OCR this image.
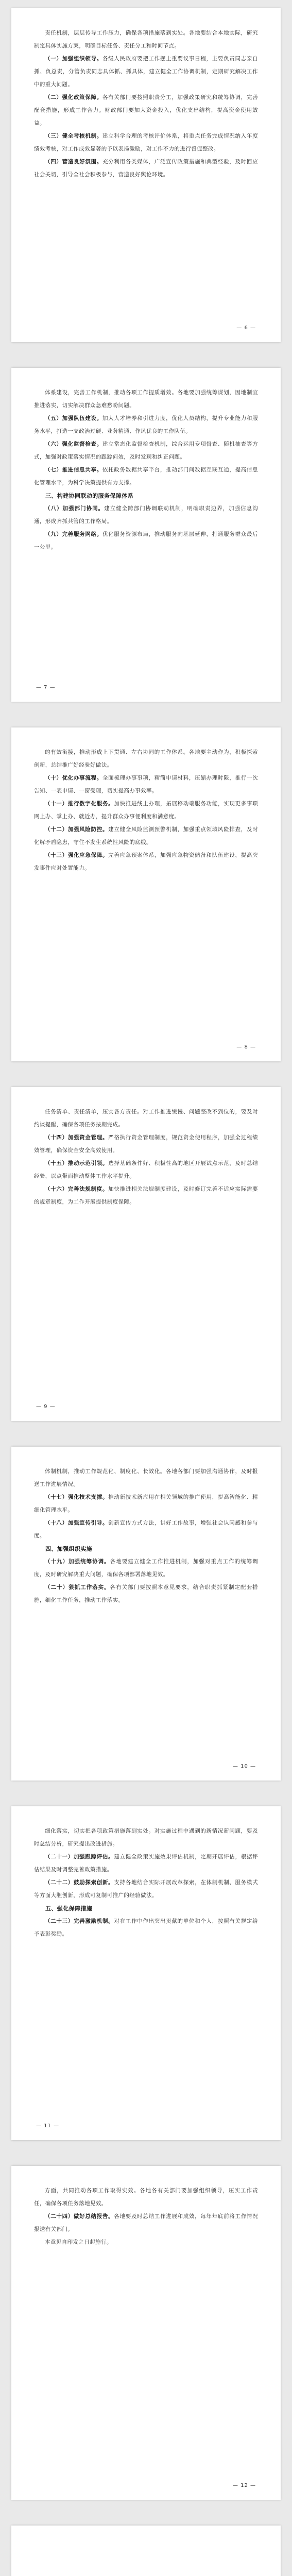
责任机制，层层传导工作压力，确保各项措施落到实处。各地要结合本地实际，研究制定具体实施方案，明确目标任务、责任分工和时间节点。

（一）加强组织领导。各级人民政府要把工作摆上重要议事日程，主要负责同志亲自抓、负总责，分管负责同志具体抓、抓具体，建立健全工作协调机制，定期研究解决工作中的重大问题。

（二）强化政策保障。各有关部门要按照职责分工，加强政策研究和统筹协调，完善配套措施，形成工作合力。财政部门要加大资金投入，优化支出结构，提高资金使用效益。

（三）健全考核机制。建立科学合理的考核评价体系，将重点任务完成情况纳入年度绩效考核，对工作成效显著的予以表扬激励，对工作不力的进行督促整改。

（四）营造良好氛围。充分利用各类媒体，广泛宣传政策措施和典型经验，及时回应社会关切，引导全社会积极参与，营造良好舆论环境。

— 6 —

体系建设，完善工作机制，推动各项工作提质增效。各地要加强统筹谋划，因地制宜推进落实，切实解决群众急难愁盼问题。

（五）加强队伍建设。加大人才培养和引进力度，优化人员结构，提升专业能力和服务水平，打造一支政治过硬、业务精通、作风优良的工作队伍。

（六）强化监督检查。建立常态化监督检查机制，综合运用专项督查、随机抽查等方式，加强对政策落实情况的跟踪问效，及时发现和纠正问题。

（七）推进信息共享。依托政务数据共享平台，推动部门间数据互联互通，提高信息化管理水平，为科学决策提供有力支撑。

三、构建协同联动的服务保障体系

（八）加强部门协同。建立健全跨部门协调联动机制，明确职责边界，加强信息沟通，形成齐抓共管的工作格局。

（九）完善服务网络。优化服务资源布局，推动服务向基层延伸，打通服务群众最后一公里。

— 7 —

的有效衔接，推动形成上下贯通、左右协同的工作体系。各地要主动作为，积极探索创新，总结推广好经验好做法。

（十）优化办事流程。全面梳理办事事项，精简申请材料，压缩办理时限，推行一次告知、一表申请、一窗受理，切实提高办事效率。

（十一）推行数字化服务。加快推进线上办理，拓展移动端服务功能，实现更多事项网上办、掌上办、就近办，提升群众办事便利度和满意度。

（十二）加强风险防控。建立健全风险监测预警机制，加强重点领域风险排查，及时化解矛盾隐患，守住不发生系统性风险的底线。

（十三）强化应急保障。完善应急预案体系，加强应急物资储备和队伍建设，提高突发事件应对处置能力。

— 8 —

任务清单、责任清单，压实各方责任。对工作推进缓慢、问题整改不到位的，要及时约谈提醒，确保各项任务按期完成。

（十四）加强资金管理。严格执行资金管理制度，规范资金使用程序，加强全过程绩效管理，确保资金安全高效使用。

（十五）推动示范引领。选择基础条件好、积极性高的地区开展试点示范，及时总结经验，以点带面推动整体工作水平提升。

（十六）完善法规制度。加快推进相关法规制度建设，及时修订完善不适应实际需要的规章制度，为工作开展提供制度保障。

— 9 —

体制机制，推动工作规范化、制度化、长效化。各地各部门要加强沟通协作，及时报送工作进展情况。

（十七）强化技术支撑。推动新技术新应用在相关领域的推广使用，提高智能化、精细化管理水平。

（十八）加强宣传引导。创新宣传方式方法，讲好工作故事，增强社会认同感和参与度。

四、加强组织实施

（十九）加强统筹协调。各地要建立健全工作推进机制，加强对重点工作的统筹调度，及时研究解决重大问题，确保各项部署落地见效。

（二十）狠抓工作落实。各有关部门要按照本意见要求，结合职责抓紧制定配套措施，细化工作任务，推动工作落实。

— 10 —

细化落实，切实把各项政策措施落到实处。对实施过程中遇到的新情况新问题，要及时总结分析，研究提出改进措施。

（二十一）加强跟踪评估。建立健全政策实施效果评估机制，定期开展评估，根据评估结果及时调整完善政策措施。

（二十二）鼓励探索创新。支持各地结合实际开展改革探索，在体制机制、服务模式等方面大胆创新，形成可复制可推广的经验做法。

五、强化保障措施

（二十三）完善激励机制。对在工作中作出突出贡献的单位和个人，按照有关规定给予表彰奖励。

— 11 —

方面，共同推动各项工作取得实效。各地各有关部门要加强组织领导，压实工作责任，确保各项任务落地见效。

（二十四）做好总结报告。各地要及时总结工作进展和成效，每年年底前将工作情况报送有关部门。

本意见自印发之日起施行。

— 12 —
